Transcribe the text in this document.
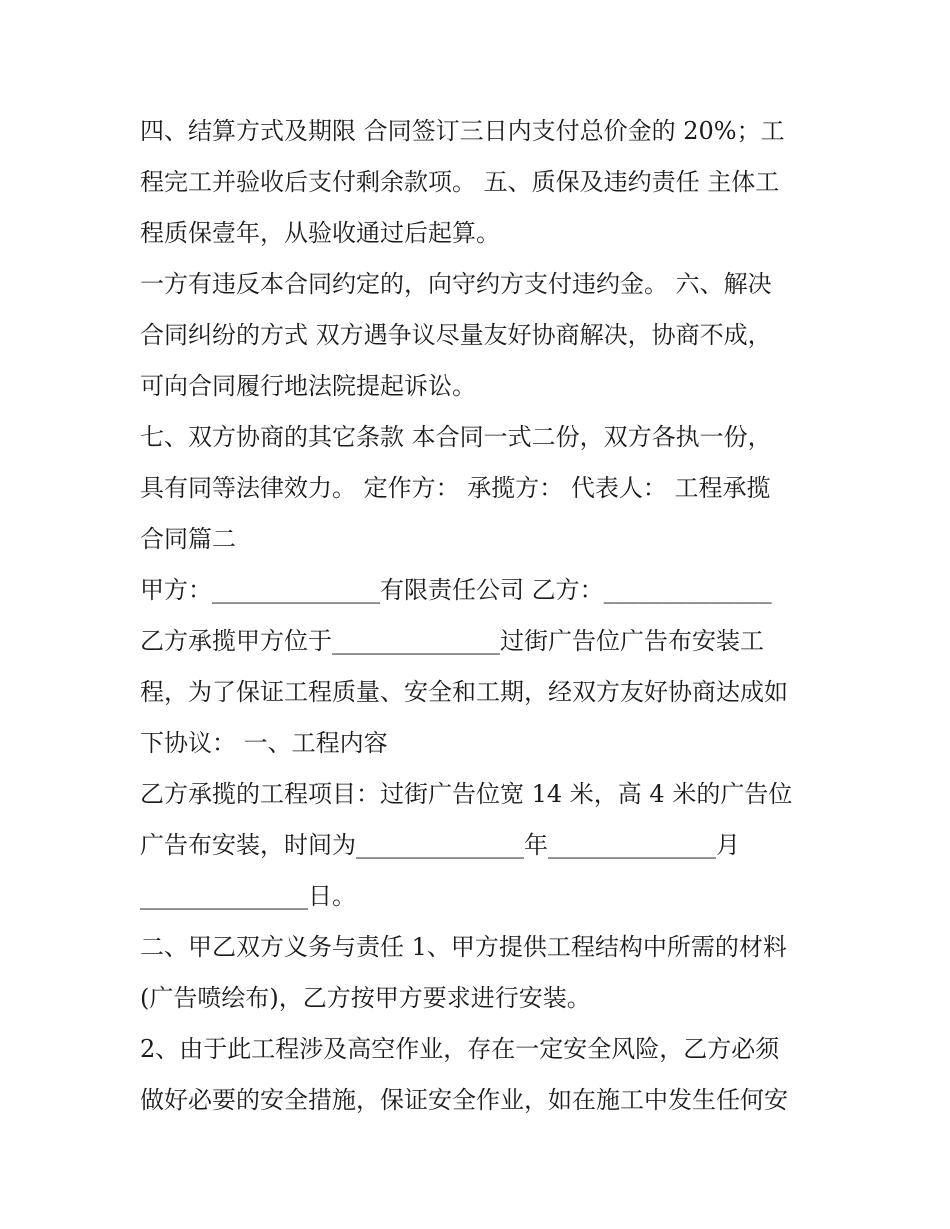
四、结算方式及期限 合同签订三日内支付总价金的 20%；工
程完工并验收后支付剩余款项。 五、质保及违约责任 主体工
程质保壹年，从验收通过后起算。
一方有违反本合同约定的，向守约方支付违约金。 六、解决
合同纠纷的方式 双方遇争议尽量友好协商解决，协商不成，
可向合同履行地法院提起诉讼。
七、双方协商的其它条款 本合同一式二份，双方各执一份，
具有同等法律效力。 定作方： 承揽方： 代表人： 工程承揽
合同篇二
甲方：______________有限责任公司 乙方：______________
乙方承揽甲方位于______________过街广告位广告布安装工
程，为了保证工程质量、安全和工期，经双方友好协商达成如
下协议： 一、工程内容
乙方承揽的工程项目：过街广告位宽 14 米，高 4 米的广告位
广告布安装，时间为______________年______________月
______________日。
二、甲乙双方义务与责任 1、甲方提供工程结构中所需的材料
(广告喷绘布)，乙方按甲方要求进行安装。
2、由于此工程涉及高空作业，存在一定安全风险，乙方必须
做好必要的安全措施，保证安全作业，如在施工中发生任何安
